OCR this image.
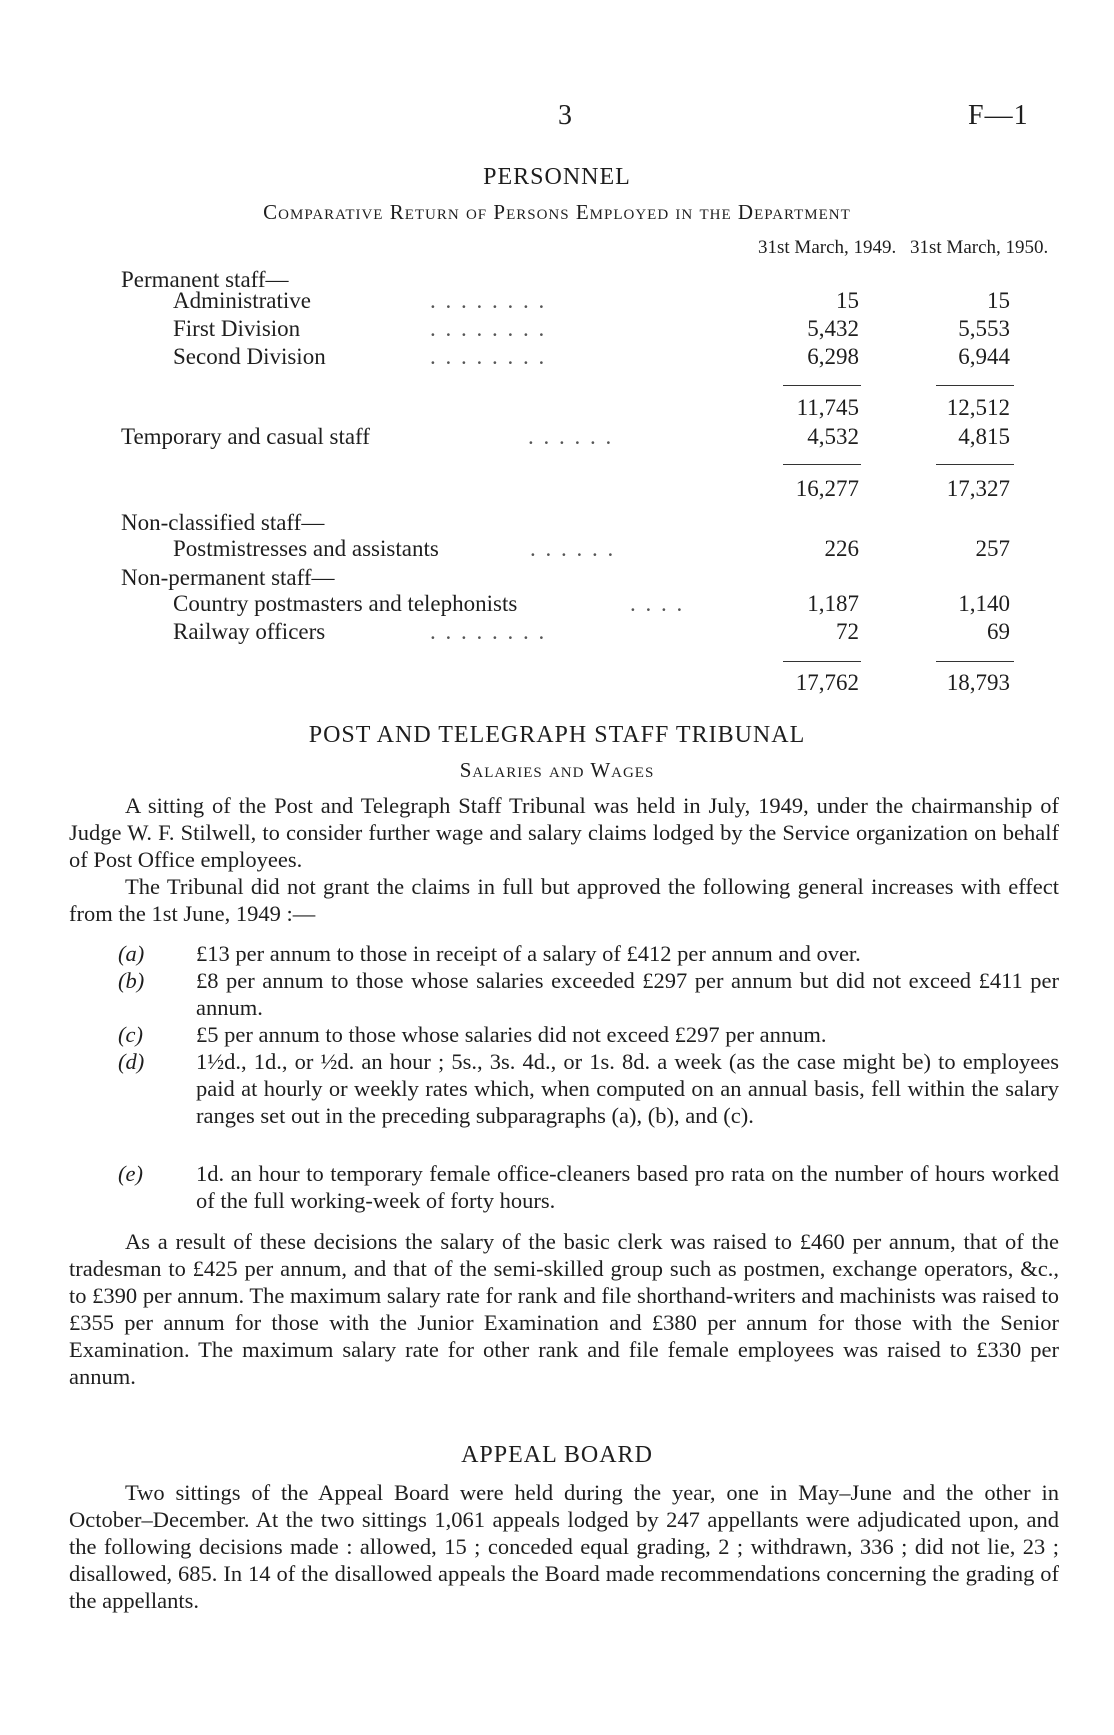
3	F—1
PERSONNEL
Comparative Return of Persons Employed in the Department
31st March, 1949. 31st March, 1950.
Permanent staff—
Administrative	. . . . . . . .	15	15
First Division	. . . . . . . .	5,432	5,553
Second Division	. . . . . . . .	6,298	6,944
11,745	12,512
Temporary and casual staff	. . . . . .	4,532	4,815
16,277	17,327
Non-classified staff—
Postmistresses and assistants	. . . . . .	226	257
Non-permanent staff—
Country postmasters and telephonists	. . . .	1,187	1,140
Railway officers	. . . . . . . .	72	69
17,762	18,793
POST AND TELEGRAPH STAFF TRIBUNAL
Salaries and Wages
A sitting of the Post and Telegraph Staff Tribunal was held in July, 1949, under the chairmanship of Judge W. F. Stilwell, to consider further wage and salary claims lodged by the Service organization on behalf of Post Office employees.
The Tribunal did not grant the claims in full but approved the following general increases with effect from the 1st June, 1949 :—
(a) £13 per annum to those in receipt of a salary of £412 per annum and over.
(b) £8 per annum to those whose salaries exceeded £297 per annum but did not exceed £411 per annum.
(c) £5 per annum to those whose salaries did not exceed £297 per annum.
(d) 1½d., 1d., or ½d. an hour ; 5s., 3s. 4d., or 1s. 8d. a week (as the case might be) to employees paid at hourly or weekly rates which, when computed on an annual basis, fell within the salary ranges set out in the preceding subparagraphs (a), (b), and (c).
(e) 1d. an hour to temporary female office-cleaners based pro rata on the number of hours worked of the full working-week of forty hours.
As a result of these decisions the salary of the basic clerk was raised to £460 per annum, that of the tradesman to £425 per annum, and that of the semi-skilled group such as postmen, exchange operators, &c., to £390 per annum. The maximum salary rate for rank and file shorthand-writers and machinists was raised to £355 per annum for those with the Junior Examination and £380 per annum for those with the Senior Examination. The maximum salary rate for other rank and file female employees was raised to £330 per annum.
APPEAL BOARD
Two sittings of the Appeal Board were held during the year, one in May–June and the other in October–December. At the two sittings 1,061 appeals lodged by 247 appellants were adjudicated upon, and the following decisions made : allowed, 15 ; conceded equal grading, 2 ; withdrawn, 336 ; did not lie, 23 ; disallowed, 685. In 14 of the disallowed appeals the Board made recommendations concerning the grading of the appellants.
